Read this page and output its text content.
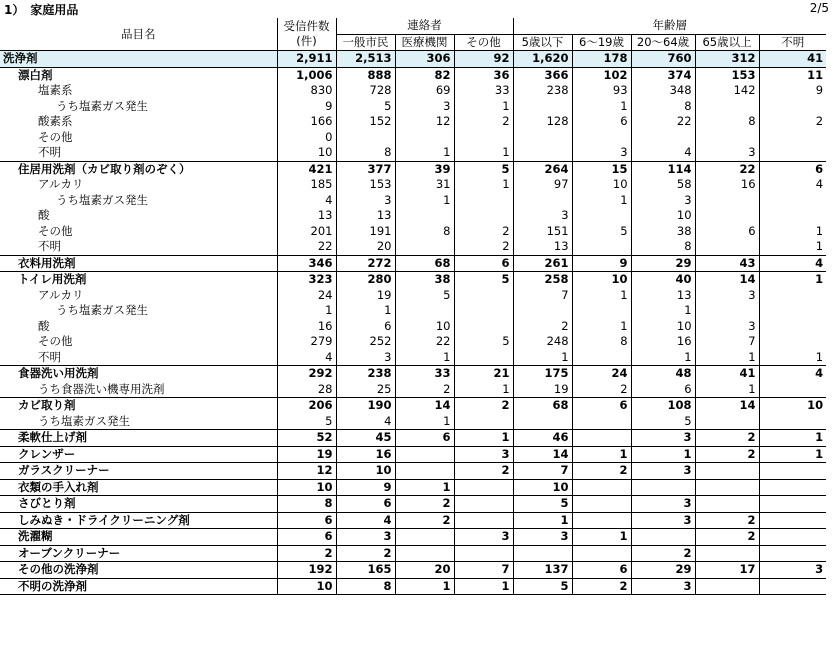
1）　家庭用品	2/5
品目名	受信件数
(件)	連絡者			年齢層				
		一般市民	医療機関	その他	5歳以下	6～19歳	20～64歳	65歳以上	不明
洗浄剤	2,911	2,513	306	92	1,620	178	760	312	41
漂白剤	1,006	888	82	36	366	102	374	153	11
塩素系	830	728	69	33	238	93	348	142	9
うち塩素ガス発生	9	5	3	1		1	8		
酸素系	166	152	12	2	128	6	22	8	2
その他	0								
不明	10	8	1	1		3	4	3	
住居用洗剤（カビ取り剤のぞく）	421	377	39	5	264	15	114	22	6
アルカリ	185	153	31	1	97	10	58	16	4
うち塩素ガス発生	4	3	1			1	3		
酸	13	13			3		10		
その他	201	191	8	2	151	5	38	6	1
不明	22	20		2	13		8		1
衣料用洗剤	346	272	68	6	261	9	29	43	4
トイレ用洗剤	323	280	38	5	258	10	40	14	1
アルカリ	24	19	5		7	1	13	3	
うち塩素ガス発生	1	1					1		
酸	16	6	10		2	1	10	3	
その他	279	252	22	5	248	8	16	7	
不明	4	3	1		1		1	1	1
食器洗い用洗剤	292	238	33	21	175	24	48	41	4
うち食器洗い機専用洗剤	28	25	2	1	19	2	6	1	
カビ取り剤	206	190	14	2	68	6	108	14	10
うち塩素ガス発生	5	4	1				5		
柔軟仕上げ剤	52	45	6	1	46		3	2	1
クレンザー	19	16		3	14	1	1	2	1
ガラスクリーナー	12	10		2	7	2	3		
衣類の手入れ剤	10	9	1		10				
さびとり剤	8	6	2		5		3		
しみぬき・ドライクリーニング剤	6	4	2		1		3	2	
洗濯糊	6	3		3	3	1		2	
オーブンクリーナー	2	2					2		
その他の洗浄剤	192	165	20	7	137	6	29	17	3
不明の洗浄剤	10	8	1	1	5	2	3		
